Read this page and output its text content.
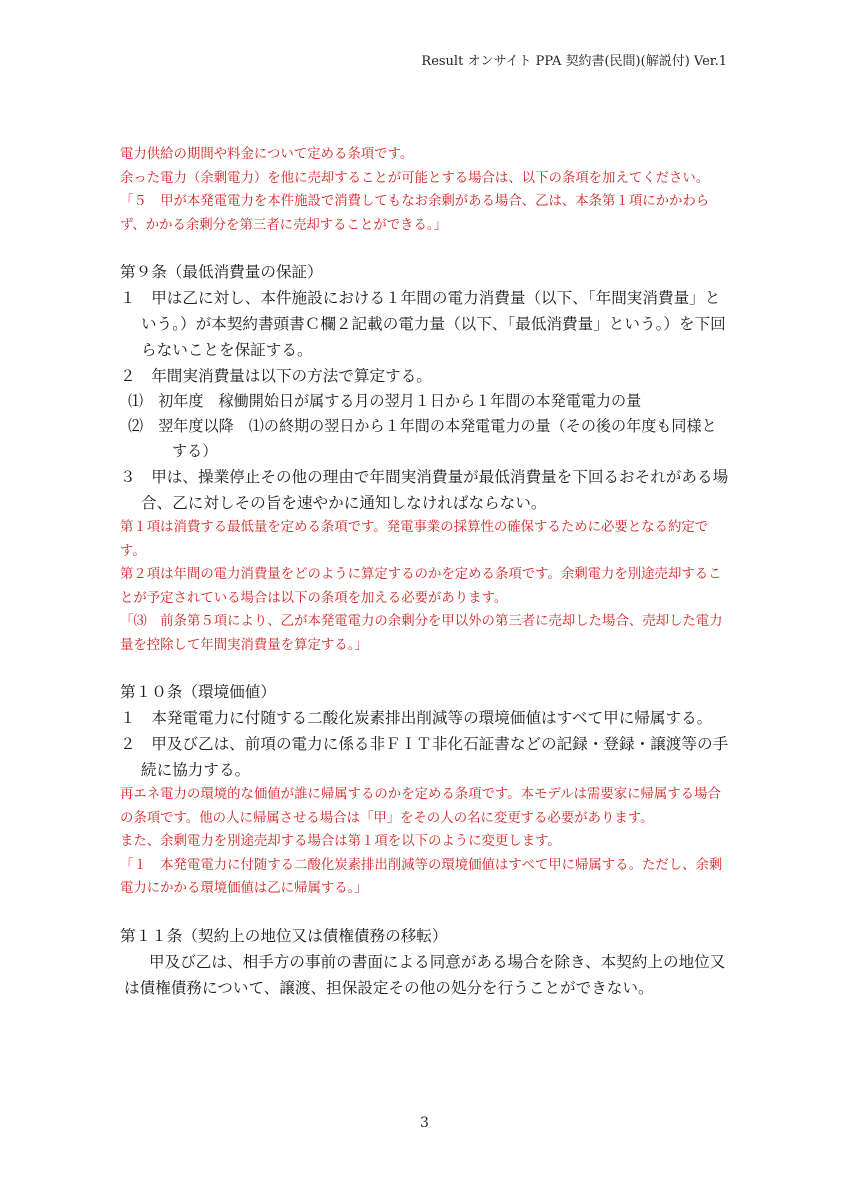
Result オンサイト PPA 契約書(民間)(解説付) Ver.1

電力供給の期間や料金について定める条項です。

余った電力（余剰電力）を他に売却することが可能とする場合は、以下の条項を加えてください。

「５　甲が本発電電力を本件施設で消費してもなお余剰がある場合、乙は、本条第１項にかかわらず、かかる余剰分を第三者に売却することができる。」

第９条（最低消費量の保証）

１　甲は乙に対し、本件施設における１年間の電力消費量（以下、「年間実消費量」という。）が本契約書頭書Ｃ欄２記載の電力量（以下、「最低消費量」という。）を下回らないことを保証する。

２　年間実消費量は以下の方法で算定する。

⑴　初年度　稼働開始日が属する月の翌月１日から１年間の本発電電力の量

⑵　翌年度以降　⑴の終期の翌日から１年間の本発電電力の量（その後の年度も同様とする）

３　甲は、操業停止その他の理由で年間実消費量が最低消費量を下回るおそれがある場合、乙に対しその旨を速やかに通知しなければならない。

第１項は消費する最低量を定める条項です。発電事業の採算性の確保するために必要となる約定です。

第２項は年間の電力消費量をどのように算定するのかを定める条項です。余剰電力を別途売却することが予定されている場合は以下の条項を加える必要があります。

「⑶　前条第５項により、乙が本発電電力の余剰分を甲以外の第三者に売却した場合、売却した電力量を控除して年間実消費量を算定する。」

第１０条（環境価値）

１　本発電電力に付随する二酸化炭素排出削減等の環境価値はすべて甲に帰属する。

２　甲及び乙は、前項の電力に係る非ＦＩＴ非化石証書などの記録・登録・譲渡等の手続に協力する。

再エネ電力の環境的な価値が誰に帰属するのかを定める条項です。本モデルは需要家に帰属する場合の条項です。他の人に帰属させる場合は「甲」をその人の名に変更する必要があります。

また、余剰電力を別途売却する場合は第１項を以下のように変更します。

「１　本発電電力に付随する二酸化炭素排出削減等の環境価値はすべて甲に帰属する。ただし、余剰電力にかかる環境価値は乙に帰属する。」

第１１条（契約上の地位又は債権債務の移転）

甲及び乙は、相手方の事前の書面による同意がある場合を除き、本契約上の地位又は債権債務について、譲渡、担保設定その他の処分を行うことができない。

3
